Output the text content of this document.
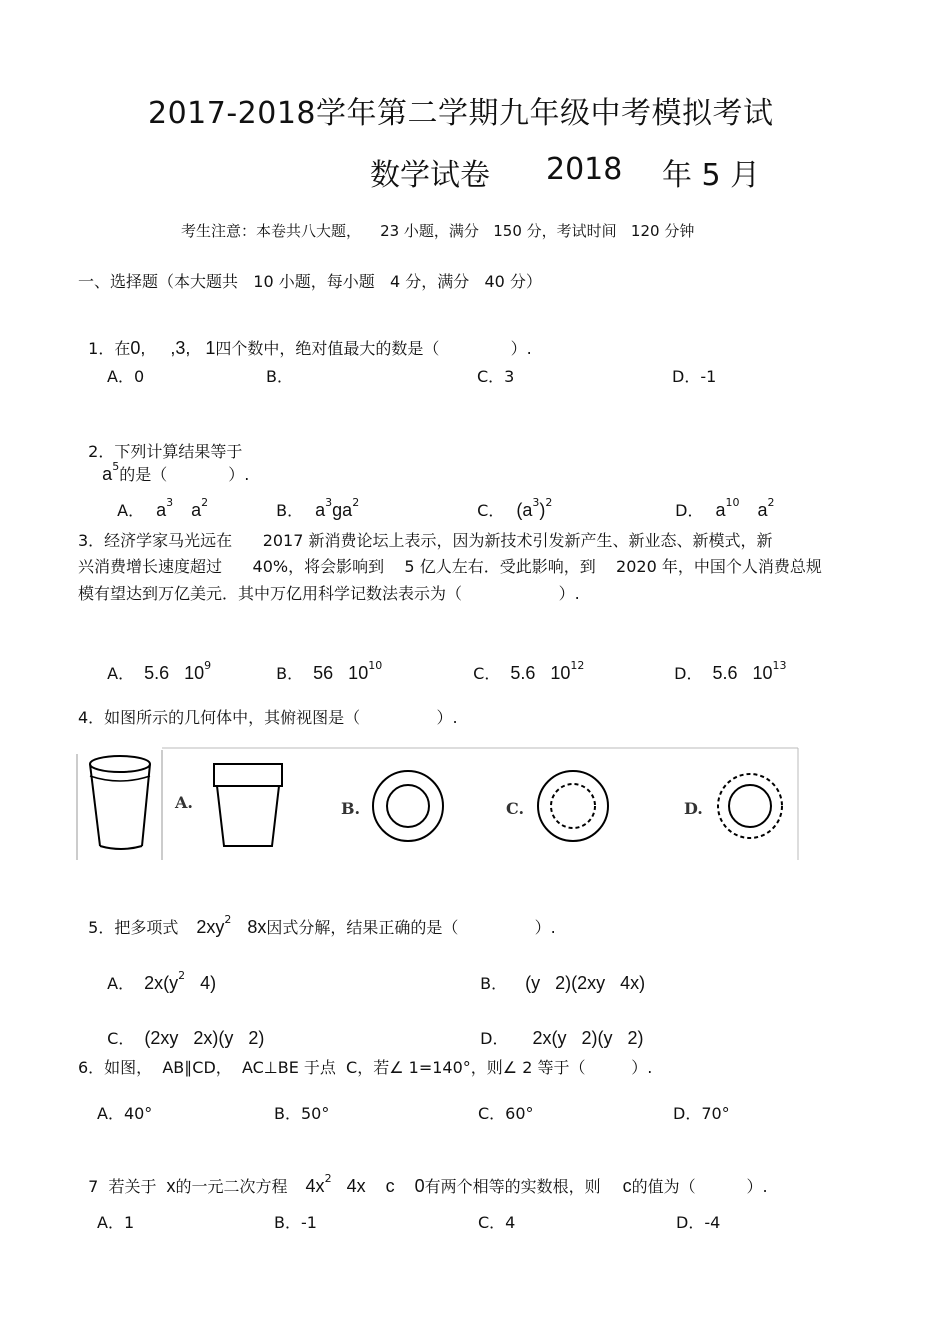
2017-2018学年第二学期九年级中考模拟考试
数学试卷 2018 年 5 月
考生注意：本卷共八大题，    23 小题，满分   150 分，考试时间   120 分钟
一、选择题（本大题共   10 小题，每小题   4 分，满分   40 分）

1．在0,     ,3,   1四个数中，绝对值最大的数是（              ）.

A．0	B．	C．3	D．-1

2．下列计算结果等于
$a^5$的是（            ）.

A． $a^3$ $a^2$	B． $a^3ga^2$	C． $(a^3)^2$	D． $a^{10}$ $a^2$

3．经济学家马光远在      2017 新消费论坛上表示，因为新技术引发新产生、新业态、新模式，新
兴消费增长速度超过      40%，将会影响到    5 亿人左右．受此影响，到    2020 年，中国个人消费总规
模有望达到万亿美元．其中万亿用科学记数法表示为（                   ）.

A． 5.6   $10^9$	B． 56   $10^{10}$	C． 5.6   $10^{12}$	D． 5.6   $10^{13}$

4．如图所示的几何体中，其俯视图是（               ）.
A.	B.	C.	D.

5．把多项式 $2xy^2$ 8x因式分解，结果正确的是（               ）.

A． $2x(y^2$   4)	B． (y   2)(2xy   4x)

C． (2xy   2x)(y   2)	D． 2x(y   2)(y   2)

6．如图，  AB∥CD，  AC⊥BE 于点  C，若∠ 1=140°，则∠ 2 等于（         ）.
A．40°	B．50°	C．60°	D．70°

7  若关于 x的一元二次方程 $4x^2$   4x    c    0有两个相等的实数根，则 c的值为（          ）.

A．1	B．-1	C．4	D．-4
